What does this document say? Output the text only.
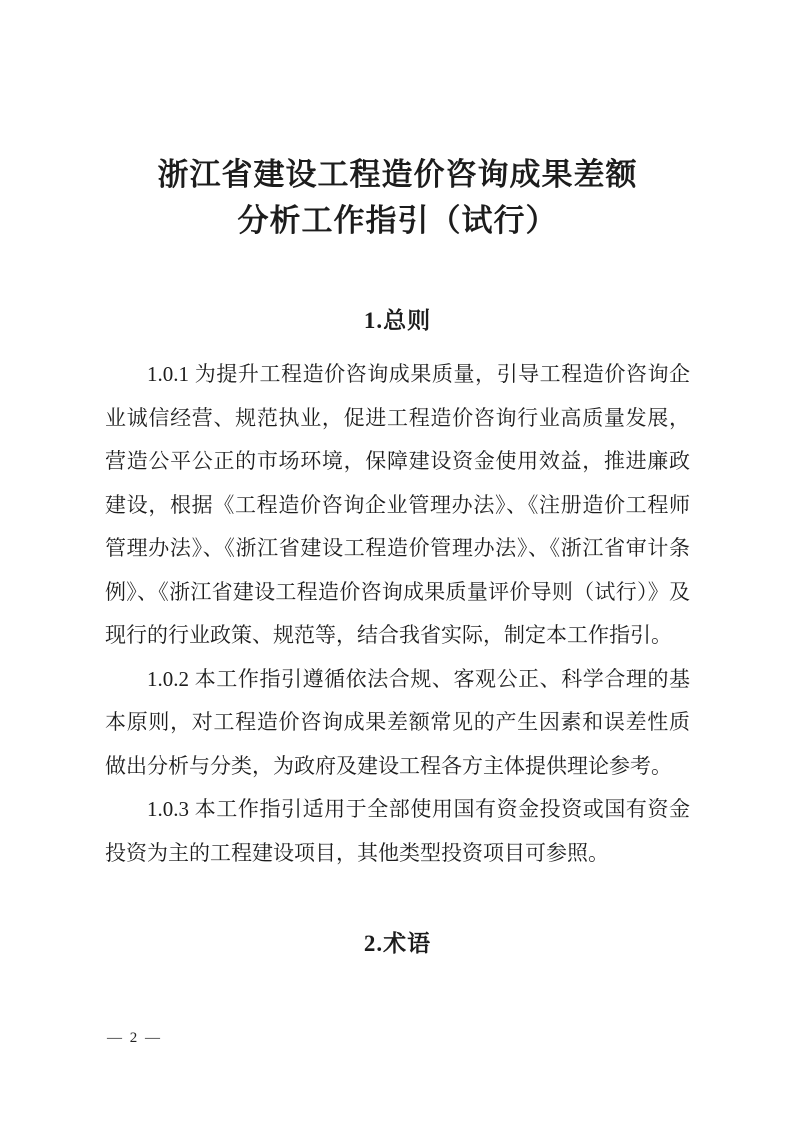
浙江省建设工程造价咨询成果差额
分析工作指引（试行）
1.总则

1.0.1 为提升工程造价咨询成果质量，引导工程造价咨询企业诚信经营、规范执业，促进工程造价咨询行业高质量发展，营造公平公正的市场环境，保障建设资金使用效益，推进廉政建设，根据《工程造价咨询企业管理办法》、《注册造价工程师管理办法》、《浙江省建设工程造价管理办法》、《浙江省审计条例》、《浙江省建设工程造价咨询成果质量评价导则（试行）》及现行的行业政策、规范等，结合我省实际，制定本工作指引。

1.0.2 本工作指引遵循依法合规、客观公正、科学合理的基本原则，对工程造价咨询成果差额常见的产生因素和误差性质做出分析与分类，为政府及建设工程各方主体提供理论参考。

1.0.3 本工作指引适用于全部使用国有资金投资或国有资金投资为主的工程建设项目，其他类型投资项目可参照。

2.术语
— 2 —
